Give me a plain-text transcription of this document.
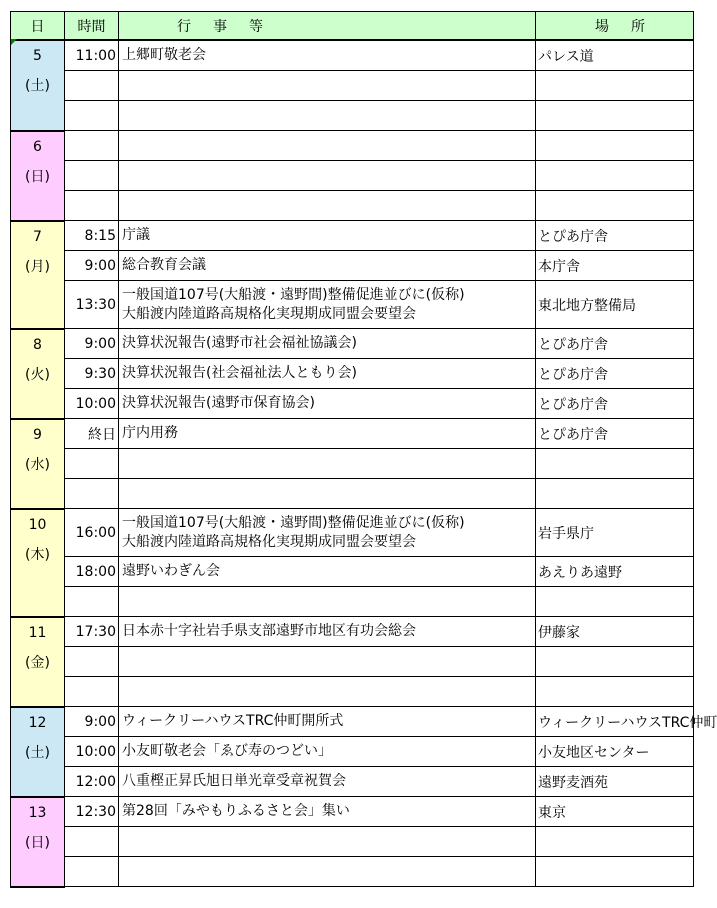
日	時間	行事等	場所

5
(土)	11:00	上郷町敬老会	パレス道

6
(日)			

7
(月)	8:15	庁議	とぴあ庁舎
	9:00	総合教育会議	本庁舎
	13:30	一般国道107号(大船渡・遠野間)整備促進並びに(仮称)
大船渡内陸道路高規格化実現期成同盟会要望会	東北地方整備局

8
(火)	9:00	決算状況報告(遠野市社会福祉協議会)	とぴあ庁舎
	9:30	決算状況報告(社会福祉法人ともり会)	とぴあ庁舎
	10:00	決算状況報告(遠野市保育協会)	とぴあ庁舎

9
(水)	終日	庁内用務	とぴあ庁舎

10
(木)	16:00	一般国道107号(大船渡・遠野間)整備促進並びに(仮称)
大船渡内陸道路高規格化実現期成同盟会要望会	岩手県庁
	18:00	遠野いわぎん会	あえりあ遠野

11
(金)	17:30	日本赤十字社岩手県支部遠野市地区有功会総会	伊藤家

12
(土)	9:00	ウィークリーハウスTRC仲町開所式	ウィークリーハウスTRC仲町
	10:00	小友町敬老会「ゑび寿のつどい」	小友地区センター
	12:00	八重樫正昇氏旭日単光章受章祝賀会	遠野麦酒苑

13
(日)	12:30	第28回「みやもりふるさと会」集い	東京
